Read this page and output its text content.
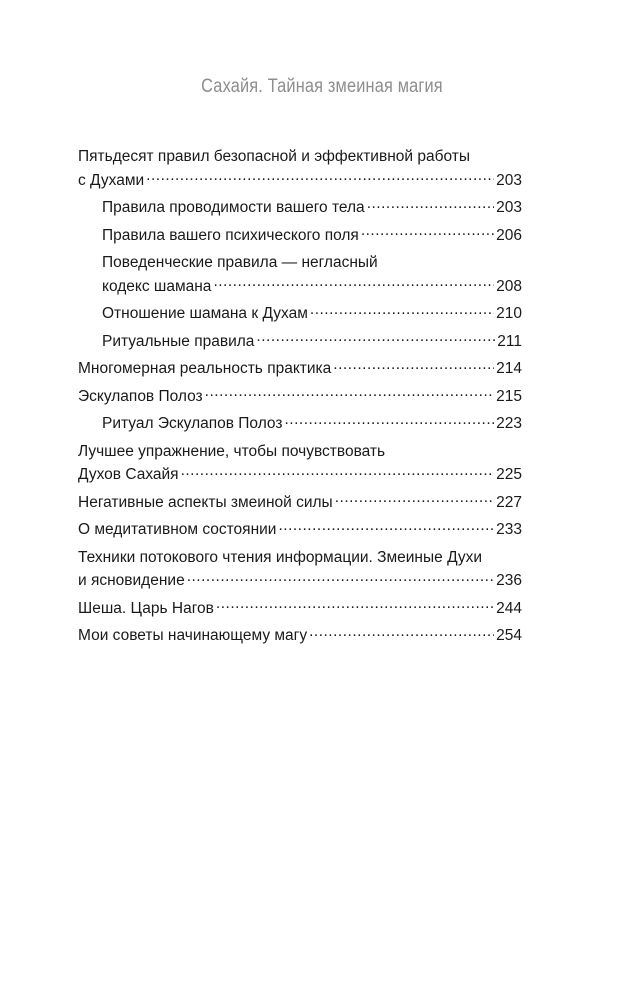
Сахайя. Тайная змеиная магия
Пятьдесят правил безопасной и эффективной работы
с Духами .....	203
Правила проводимости вашего тела .....	203
Правила вашего психического поля .....	206
Поведенческие правила — негласный
кодекс шамана .....	208
Отношение шамана к Духам .....	210
Ритуальные правила .....	211
Многомерная реальность практика .....	214
Эскулапов Полоз .....	215
Ритуал Эскулапов Полоз .....	223
Лучшее упражнение, чтобы почувствовать
Духов Сахайя .....	225
Негативные аспекты змеиной силы .....	227
О медитативном состоянии .....	233
Техники потокового чтения информации. Змеиные Духи
и ясновидение .....	236
Шеша. Царь Нагов .....	244
Мои советы начинающему магу .....	254
